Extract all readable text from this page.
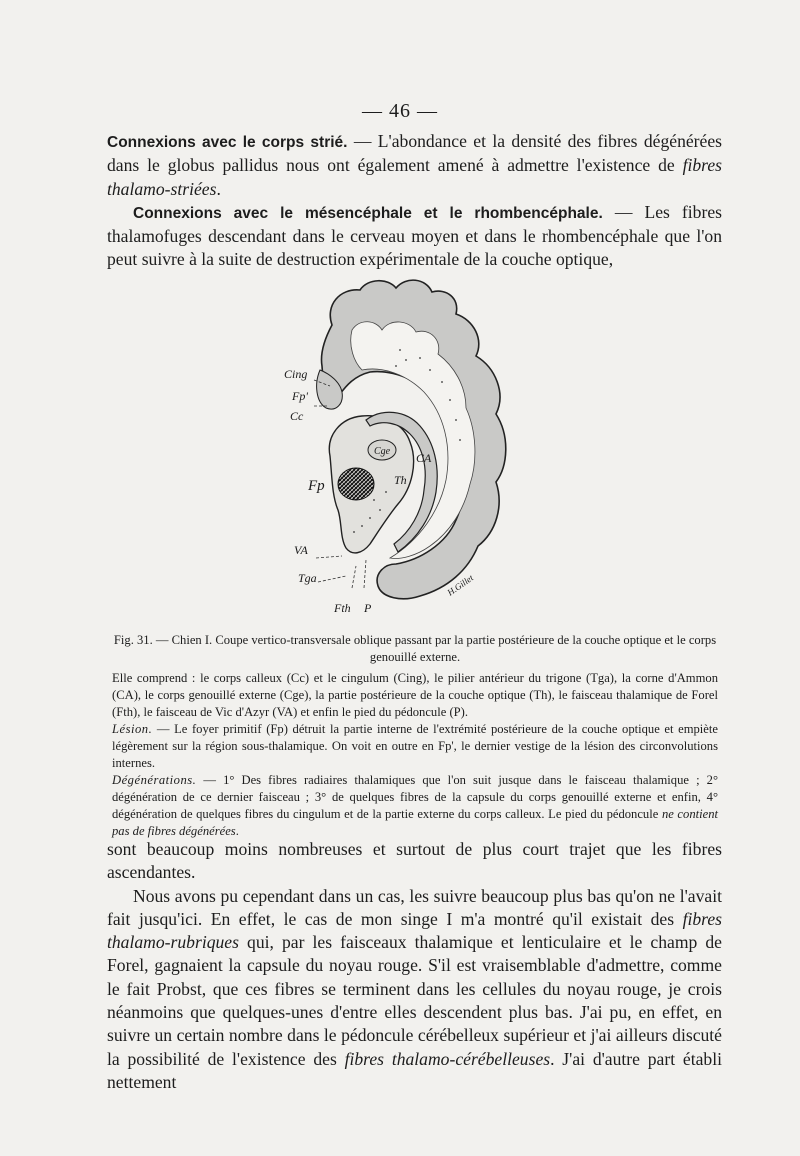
— 46 —

Connexions avec le corps strié. — L'abondance et la densité des fibres dégénérées dans le globus pallidus nous ont également amené à admettre l'existence de fibres thalamo-striées.

Connexions avec le mésencéphale et le rhombencéphale. — Les fibres thalamofuges descendant dans le cerveau moyen et dans le rhombencéphale que l'on peut suivre à la suite de destruction expérimentale de la couche optique,

Cing
Fp'
Cc
Fp
VA
Tga
Fth P
Cge CA
Th
H.Gillet

Fig. 31. — Chien I. Coupe vertico-transversale oblique passant par la partie postérieure de la couche optique et le corps genouillé externe.

Elle comprend : le corps calleux (Cc) et le cingulum (Cing), le pilier antérieur du trigone (Tga), la corne d'Ammon (CA), le corps genouillé externe (Cge), la partie postérieure de la couche optique (Th), le faisceau thalamique de Forel (Fth), le faisceau de Vic d'Azyr (VA) et enfin le pied du pédoncule (P).

Lésion. — Le foyer primitif (Fp) détruit la partie interne de l'extrémité postérieure de la couche optique et empiète légèrement sur la région sous-thalamique. On voit en outre en Fp', le dernier vestige de la lésion des circonvolutions internes.

Dégénérations. — 1° Des fibres radiaires thalamiques que l'on suit jusque dans le faisceau thalamique ; 2° dégénération de ce dernier faisceau ; 3° de quelques fibres de la capsule du corps genouillé externe et enfin, 4° dégénération de quelques fibres du cingulum et de la partie externe du corps calleux. Le pied du pédoncule ne contient pas de fibres dégénérées.

sont beaucoup moins nombreuses et surtout de plus court trajet que les fibres ascendantes.

Nous avons pu cependant dans un cas, les suivre beaucoup plus bas qu'on ne l'avait fait jusqu'ici. En effet, le cas de mon singe I m'a montré qu'il existait des fibres thalamo-rubriques qui, par les faisceaux thalamique et lenticulaire et le champ de Forel, gagnaient la capsule du noyau rouge. S'il est vraisemblable d'admettre, comme le fait Probst, que ces fibres se terminent dans les cellules du noyau rouge, je crois néanmoins que quelques-unes d'entre elles descendent plus bas. J'ai pu, en effet, en suivre un certain nombre dans le pédoncule cérébelleux supérieur et j'ai ailleurs discuté la possibilité de l'existence des fibres thalamo-cérébelleuses. J'ai d'autre part établi nettement
